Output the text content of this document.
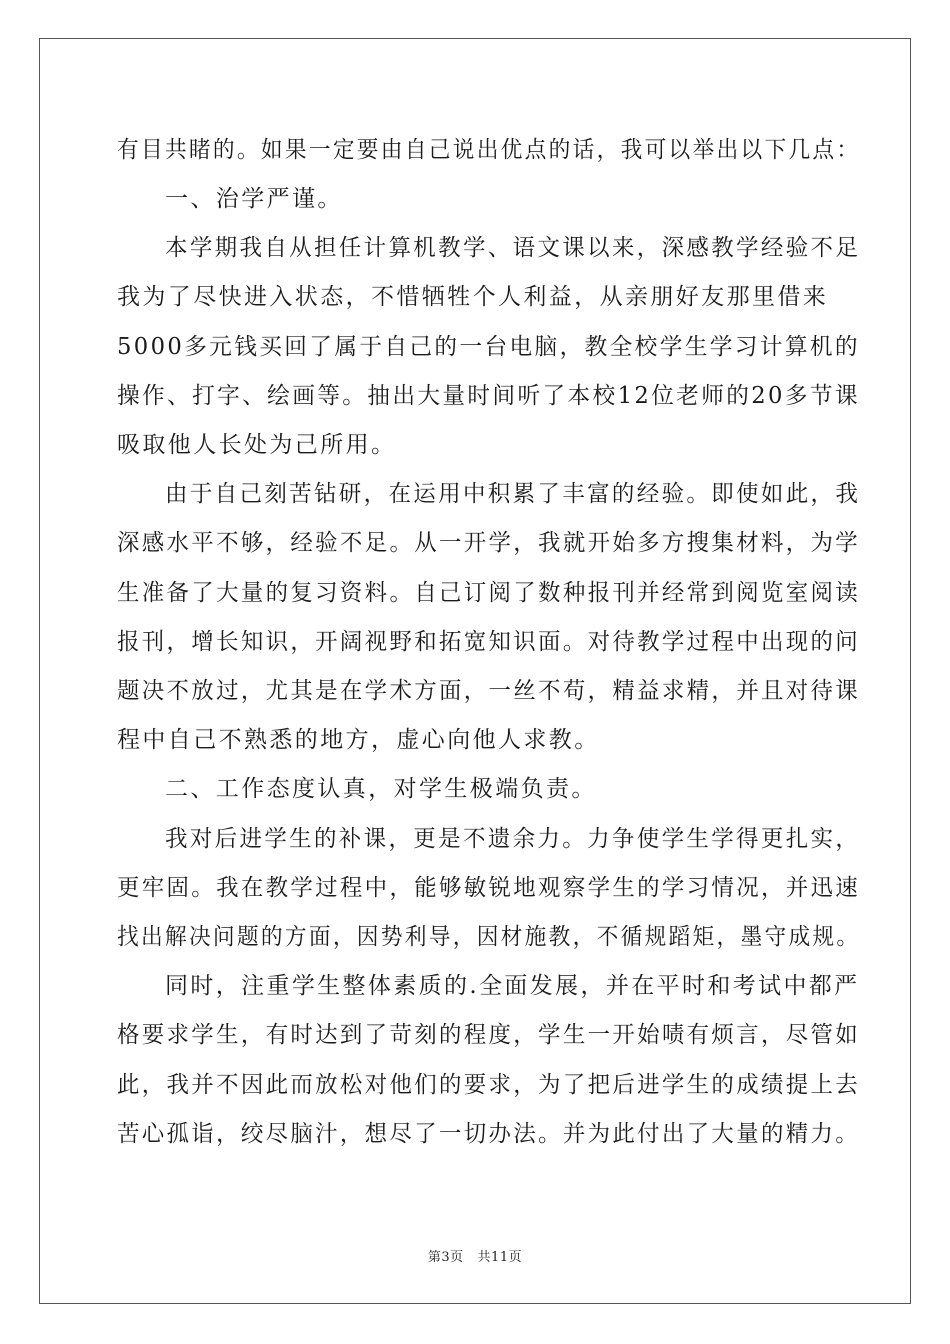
有目共睹的。如果一定要由自己说出优点的话，我可以举出以下几点：
一、治学严谨。
本学期我自从担任计算机教学、语文课以来，深感教学经验不足
我为了尽快进入状态，不惜牺牲个人利益，从亲朋好友那里借来
5000多元钱买回了属于自己的一台电脑，教全校学生学习计算机的
操作、打字、绘画等。抽出大量时间听了本校12位老师的20多节课
吸取他人长处为己所用。
由于自己刻苦钻研，在运用中积累了丰富的经验。即使如此，我
深感水平不够，经验不足。从一开学，我就开始多方搜集材料，为学
生准备了大量的复习资料。自己订阅了数种报刊并经常到阅览室阅读
报刊，增长知识，开阔视野和拓宽知识面。对待教学过程中出现的问
题决不放过，尤其是在学术方面，一丝不苟，精益求精，并且对待课
程中自己不熟悉的地方，虚心向他人求教。
二、工作态度认真，对学生极端负责。
我对后进学生的补课，更是不遗余力。力争使学生学得更扎实，
更牢固。我在教学过程中，能够敏锐地观察学生的学习情况，并迅速
找出解决问题的方面，因势利导，因材施教，不循规蹈矩，墨守成规。
同时，注重学生整体素质的.全面发展，并在平时和考试中都严
格要求学生，有时达到了苛刻的程度，学生一开始啧有烦言，尽管如
此，我并不因此而放松对他们的要求，为了把后进学生的成绩提上去
苦心孤诣，绞尽脑汁，想尽了一切办法。并为此付出了大量的精力。
第3页   共11页
